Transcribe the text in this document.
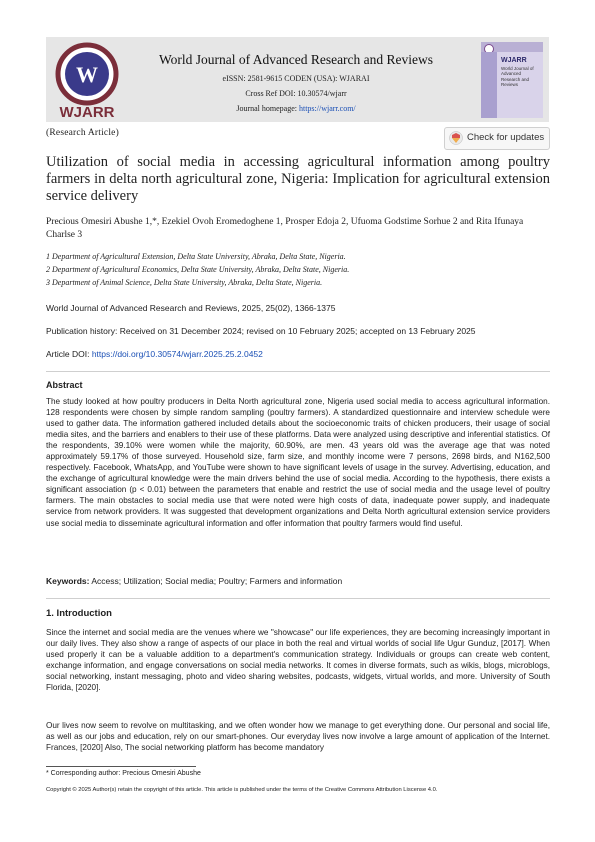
W
WJARR
World Journal of Advanced Research and Reviews
eISSN: 2581-9615 CODEN (USA): WJARAI
Cross Ref DOI: 10.30574/wjarr
Journal homepage: https://wjarr.com/
WJARR
World Journal of Advanced Research and Reviews
(Research Article)	Check for updates
Utilization of social media in accessing agricultural information among poultry farmers in delta north agricultural zone, Nigeria: Implication for agricultural extension service delivery
Precious Omesiri Abushe 1,*, Ezekiel Ovoh Eromedoghene 1, Prosper Edoja 2, Ufuoma Godstime Sorhue 2 and Rita Ifunaya Charlse 3
1 Department of Agricultural Extension, Delta State University, Abraka, Delta State, Nigeria.
2 Department of Agricultural Economics, Delta State University, Abraka, Delta State, Nigeria.
3 Department of Animal Science, Delta State University, Abraka, Delta State, Nigeria.
World Journal of Advanced Research and Reviews, 2025, 25(02), 1366-1375
Publication history: Received on 31 December 2024; revised on 10 February 2025; accepted on 13 February 2025
Article DOI: https://doi.org/10.30574/wjarr.2025.25.2.0452
Abstract
The study looked at how poultry producers in Delta North agricultural zone, Nigeria used social media to access agricultural information. 128 respondents were chosen by simple random sampling (poultry farmers). A standardized questionnaire and interview schedule were used to gather data. The information gathered included details about the socioeconomic traits of chicken producers, their usage of social media sites, and the barriers and enablers to their use of these platforms. Data were analyzed using descriptive and inferential statistics. Of the respondents, 39.10% were women while the majority, 60.90%, are men. 43 years old was the average age that was noted approximately 59.17% of those surveyed. Household size, farm size, and monthly income were 7 persons, 2698 birds, and N162,500 respectively. Facebook, WhatsApp, and YouTube were shown to have significant levels of usage in the survey. Advertising, education, and the exchange of agricultural knowledge were the main drivers behind the use of social media. According to the hypothesis, there exists a significant association (p < 0.01) between the parameters that enable and restrict the use of social media and the usage level of poultry farmers. The main obstacles to social media use that were noted were high costs of data, inadequate power supply, and inadequate service from network providers. It was suggested that development organizations and Delta North agricultural extension service providers use social media to disseminate agricultural information and offer information that poultry farmers would find useful.
Keywords: Access; Utilization; Social media; Poultry; Farmers and information
1. Introduction
Since the internet and social media are the venues where we "showcase" our life experiences, they are becoming increasingly important in our daily lives. They also show a range of aspects of our place in both the real and virtual worlds of social life Ugur Gunduz, [2017]. When used properly it can be a valuable addition to a department's communication strategy. Individuals or groups can create web content, exchange information, and engage conversations on social media networks. It comes in diverse formats, such as wikis, blogs, microblogs, social networking, instant messaging, photo and video sharing websites, podcasts, widgets, virtual worlds, and more. University of South Florida, [2020].
Our lives now seem to revolve on multitasking, and we often wonder how we manage to get everything done. Our personal and social life, as well as our jobs and education, rely on our smart-phones. Our everyday lives now involve a large amount of application of the Internet. Frances, [2020] Also, The social networking platform has become mandatory
* Corresponding author: Precious Omesiri Abushe
Copyright © 2025 Author(s) retain the copyright of this article. This article is published under the terms of the Creative Commons Attribution Liscense 4.0.
